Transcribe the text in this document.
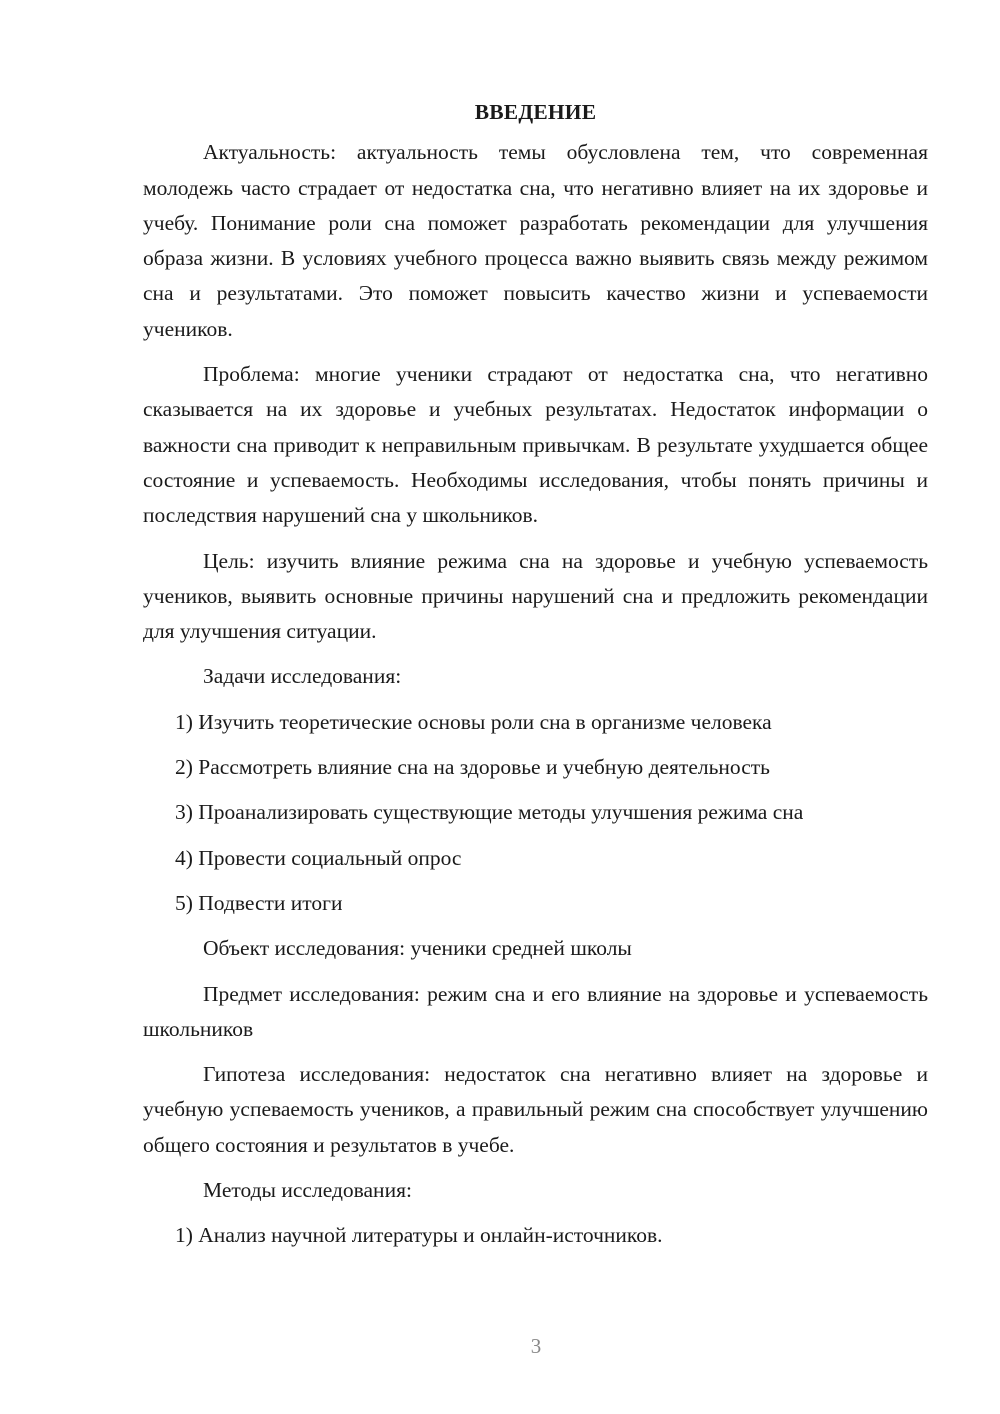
ВВЕДЕНИЕ

Актуальность: актуальность темы обусловлена тем, что современная молодежь часто страдает от недостатка сна, что негативно влияет на их здоровье и учебу. Понимание роли сна поможет разработать рекомендации для улучшения образа жизни. В условиях учебного процесса важно выявить связь между режимом сна и результатами. Это поможет повысить качество жизни и успеваемости учеников.

Проблема: многие ученики страдают от недостатка сна, что негативно сказывается на их здоровье и учебных результатах. Недостаток информации о важности сна приводит к неправильным привычкам. В результате ухудшается общее состояние и успеваемость. Необходимы исследования, чтобы понять причины и последствия нарушений сна у школьников.

Цель: изучить влияние режима сна на здоровье и учебную успеваемость учеников, выявить основные причины нарушений сна и предложить рекомендации для улучшения ситуации.

Задачи исследования:

1) Изучить теоретические основы роли сна в организме человека
2) Рассмотреть влияние сна на здоровье и учебную деятельность
3) Проанализировать существующие методы улучшения режима сна
4) Провести социальный опрос
5) Подвести итоги

Объект исследования: ученики средней школы

Предмет исследования: режим сна и его влияние на здоровье и успеваемость школьников

Гипотеза исследования: недостаток сна негативно влияет на здоровье и учебную успеваемость учеников, а правильный режим сна способствует улучшению общего состояния и результатов в учебе.

Методы исследования:

1) Анализ научной литературы и онлайн-источников.
3
